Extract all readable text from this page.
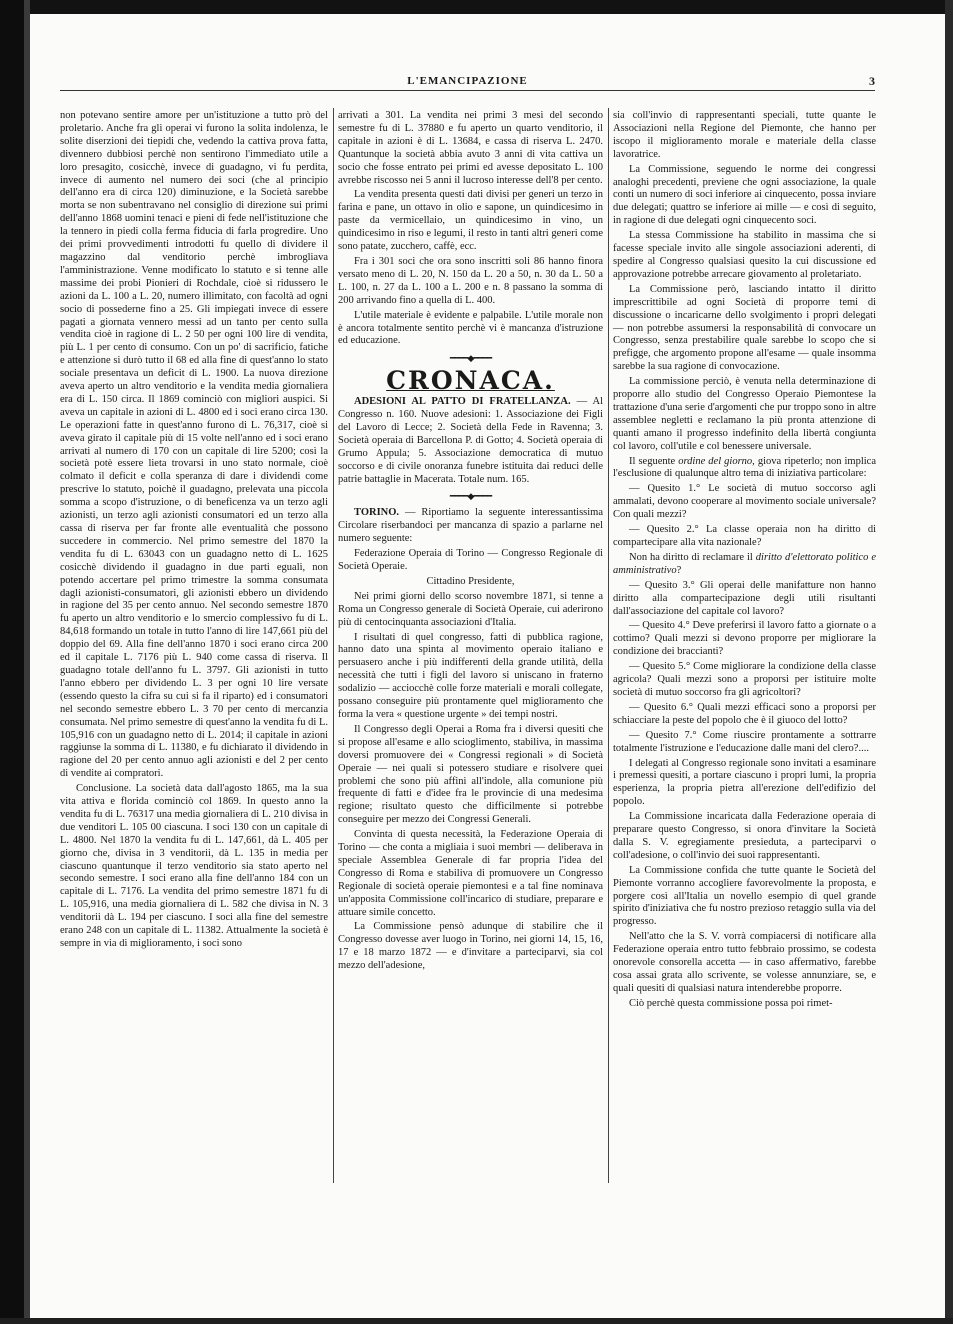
L'EMANCIPAZIONE	3

non potevano sentire amore per un'istituzione a tutto prò del proletario. Anche fra gli operai vi furono la solita indolenza, le solite diserzioni dei tiepidi che, vedendo la cattiva prova fatta, divennero dubbiosi perchè non sentirono l'immediato utile a loro presagito, cosicchè, invece di guadagno, vi fu perdita, invece di aumento nel numero dei soci (che al principio dell'anno era di circa 120) diminuzione, e la Società sarebbe morta se non subentravano nel consiglio di direzione sui primi dell'anno 1868 uomini tenaci e pieni di fede nell'istituzione che la tennero in piedi colla ferma fiducia di farla progredire. Uno dei primi provvedimenti introdotti fu quello di dividere il magazzino dal venditorio perchè imbrogliava l'amministrazione. Venne modificato lo statuto e si tenne alle massime dei probi Pionieri di Rochdale, cioè si ridussero le azioni da L. 100 a L. 20, numero illimitato, con facoltà ad ogni socio di possederne fino a 25. Gli impiegati invece di essere pagati a giornata vennero messi ad un tanto per cento sulla vendita cioè in ragione di L. 2 50 per ogni 100 lire di vendita, più L. 1 per cento di consumo. Con un po' di sacrificio, fatiche e attenzione si durò tutto il 68 ed alla fine di quest'anno lo stato sociale presentava un deficit di L. 1900. La nuova direzione aveva aperto un altro venditorio e la vendita media giornaliera era di L. 150 circa. Il 1869 cominciò con migliori auspici. Si aveva un capitale in azioni di L. 4800 ed i soci erano circa 130. Le operazioni fatte in quest'anno furono di L. 76,317, cioè si aveva girato il capitale più di 15 volte nell'anno ed i soci erano arrivati al numero di 170 con un capitale di lire 5200; così la società potè essere lieta trovarsi in uno stato normale, cioè colmato il deficit e colla speranza di dare i dividendi come prescrive lo statuto, poichè il guadagno, prelevata una piccola somma a scopo d'istruzione, o di beneficenza va un terzo agli azionisti, un terzo agli azionisti consumatori ed un terzo alla cassa di riserva per far fronte alle eventualità che possono succedere in commercio. Nel primo semestre del 1870 la vendita fu di L. 63043 con un guadagno netto di L. 1625 cosicchè dividendo il guadagno in due parti eguali, non potendo accertare pel primo trimestre la somma consumata dagli azionisti-consumatori, gli azionisti ebbero un dividendo in ragione del 35 per cento annuo. Nel secondo semestre 1870 fu aperto un altro venditorio e lo smercio complessivo fu di L. 84,618 formando un totale in tutto l'anno di lire 147,661 più del doppio del 69. Alla fine dell'anno 1870 i soci erano circa 200 ed il capitale L. 7176 più L. 940 come cassa di riserva. Il guadagno totale dell'anno fu L. 3797. Gli azionisti in tutto l'anno ebbero per dividendo L. 3 per ogni 10 lire versate (essendo questo la cifra su cui si fa il riparto) ed i consumatori nel secondo semestre ebbero L. 3 70 per cento di mercanzia consumata. Nel primo semestre di quest'anno la vendita fu di L. 105,916 con un guadagno netto di L. 2014; il capitale in azioni raggiunse la somma di L. 11380, e fu dichiarato il dividendo in ragione del 20 per cento annuo agli azionisti e del 2 per cento di vendite ai compratori.

Conclusione. La società data dall'agosto 1865, ma la sua vita attiva e florida cominciò col 1869. In questo anno la vendita fu di L. 76317 una media giornaliera di L. 210 divisa in due venditori L. 105 00 ciascuna. I soci 130 con un capitale di L. 4800. Nel 1870 la vendita fu di L. 147,661, dà L. 405 per giorno che, divisa in 3 venditorii, dà L. 135 in media per ciascuno quantunque il terzo venditorio sia stato aperto nel secondo semestre. I soci erano alla fine dell'anno 184 con un capitale di L. 7176. La vendita del primo semestre 1871 fu di L. 105,916, una media giornaliera di L. 582 che divisa in N. 3 venditorii dà L. 194 per ciascuno. I soci alla fine del semestre erano 248 con un capitale di L. 11382. Attualmente la società è sempre in via di miglioramento, i soci sono

arrivati a 301. La vendita nei primi 3 mesi del secondo semestre fu di L. 37880 e fu aperto un quarto venditorio, il capitale in azioni è di L. 13684, e cassa di riserva L. 2470. Quantunque la società abbia avuto 3 anni di vita cattiva un socio che fosse entrato pei primi ed avesse depositato L. 100 avrebbe riscosso nei 5 anni il lucroso interesse dell'8 per cento.

La vendita presenta questi dati divisi per generi un terzo in farina e pane, un ottavo in olio e sapone, un quindicesimo in paste da vermicellaio, un quindicesimo in vino, un quindicesimo in riso e legumi, il resto in tanti altri generi come sono patate, zucchero, caffè, ecc.

Fra i 301 soci che ora sono inscritti soli 86 hanno finora versato meno di L. 20, N. 150 da L. 20 a 50, n. 30 da L. 50 a L. 100, n. 27 da L. 100 a L. 200 e n. 8 passano la somma di 200 arrivando fino a quella di L. 400.

L'utile materiale è evidente e palpabile. L'utile morale non è ancora totalmente sentito perchè vi è mancanza d'istruzione ed educazione.

━━━━◆━━━━
CRONACA.

ADESIONI AL PATTO DI FRATELLANZA. — Al Congresso n. 160. Nuove adesioni: 1. Associazione dei Figli del Lavoro di Lecce; 2. Società della Fede in Ravenna; 3. Società operaia di Barcellona P. di Gotto; 4. Società operaia di Grumo Appula; 5. Associazione democratica di mutuo soccorso e di civile onoranza funebre istituita dai reduci delle patrie battaglie in Macerata. Totale num. 165.

━━━━◆━━━━

TORINO. — Riportiamo la seguente interessantissima Circolare riserbandoci per mancanza di spazio a parlarne nel numero seguente:

Federazione Operaia di Torino — Congresso Regionale di Società Operaie.

Cittadino Presidente,

Nei primi giorni dello scorso novembre 1871, si tenne a Roma un Congresso generale di Società Operaie, cui aderirono più di centocinquanta associazioni d'Italia.

I risultati di quel congresso, fatti di pubblica ragione, hanno dato una spinta al movimento operaio italiano e persuasero anche i più indifferenti della grande utilità, della necessità che tutti i figli del lavoro si uniscano in fraterno sodalizio — acciocchè colle forze materiali e morali collegate, possano conseguire più prontamente quel miglioramento che forma la vera « questione urgente » dei tempi nostri.

Il Congresso degli Operai a Roma fra i diversi quesiti che si propose all'esame e allo scioglimento, stabiliva, in massima doversi promuovere dei « Congressi regionali » di Società Operaie — nei quali si potessero studiare e risolvere quei problemi che sono più affini all'indole, alla comunione più frequente di fatti e d'idee fra le provincie di una medesima regione; risultato questo che difficilmente si potrebbe conseguire per mezzo dei Congressi Generali.

Convinta di questa necessità, la Federazione Operaia di Torino — che conta a migliaia i suoi membri — deliberava in speciale Assemblea Generale di far propria l'idea del Congresso di Roma e stabiliva di promuovere un Congresso Regionale di società operaie piemontesi e a tal fine nominava un'apposita Commissione coll'incarico di studiare, preparare e attuare simile concetto.

La Commissione pensò adunque di stabilire che il Congresso dovesse aver luogo in Torino, nei giorni 14, 15, 16, 17 e 18 marzo 1872 — e d'invitare a parteciparvi, sia col mezzo dell'adesione,

sia coll'invio di rappresentanti speciali, tutte quante le Associazioni nella Regione del Piemonte, che hanno per iscopo il miglioramento morale e materiale della classe lavoratrice.

La Commissione, seguendo le norme dei congressi analoghi precedenti, previene che ogni associazione, la quale conti un numero di soci inferiore ai cinquecento, possa inviare due delegati; quattro se inferiore ai mille — e così di seguito, in ragione di due delegati ogni cinquecento soci.

La stessa Commissione ha stabilito in massima che si facesse speciale invito alle singole associazioni aderenti, di spedire al Congresso qualsiasi quesito la cui discussione ed approvazione potrebbe arrecare giovamento al proletariato.

La Commissione però, lasciando intatto il diritto imprescrittibile ad ogni Società di proporre temi di discussione o incaricarne dello svolgimento i propri delegati — non potrebbe assumersi la responsabilità di convocare un Congresso, senza prestabilire quale sarebbe lo scopo che si prefigge, che argomento propone all'esame — quale insomma sarebbe la sua ragione di convocazione.

La commissione perciò, è venuta nella determinazione di proporre allo studio del Congresso Operaio Piemontese la trattazione d'una serie d'argomenti che pur troppo sono in altre assemblee negletti e reclamano la più pronta attenzione di quanti amano il progresso indefinito della libertà congiunta col lavoro, coll'utile e col benessere universale.

Il seguente ordine del giorno, giova ripeterlo; non implica l'esclusione di qualunque altro tema di iniziativa particolare:

— Quesito 1.° Le società di mutuo soccorso agli ammalati, devono cooperare al movimento sociale universale? Con quali mezzi?

— Quesito 2.° La classe operaia non ha diritto di compartecipare alla vita nazionale?

Non ha diritto di reclamare il diritto d'elettorato politico e amministrativo?

— Quesito 3.° Gli operai delle manifatture non hanno diritto alla compartecipazione degli utili risultanti dall'associazione del capitale col lavoro?

— Quesito 4.° Deve preferirsi il lavoro fatto a giornate o a cottimo? Quali mezzi si devono proporre per migliorare la condizione dei braccianti?

— Quesito 5.° Come migliorare la condizione della classe agricola? Quali mezzi sono a proporsi per istituire molte società di mutuo soccorso fra gli agricoltori?

— Quesito 6.° Quali mezzi efficaci sono a proporsi per schiacciare la peste del popolo che è il giuoco del lotto?

— Quesito 7.° Come riuscire prontamente a sottrarre totalmente l'istruzione e l'educazione dalle mani del clero?....

I delegati al Congresso regionale sono invitati a esaminare i premessi quesiti, a portare ciascuno i propri lumi, la propria esperienza, la propria pietra all'erezione dell'edifizio del popolo.

La Commissione incaricata dalla Federazione operaia di preparare questo Congresso, si onora d'invitare la Società dalla S. V. egregiamente presieduta, a parteciparvi o coll'adesione, o coll'invio dei suoi rappresentanti.

La Commissione confida che tutte quante le Società del Piemonte vorranno accogliere favorevolmente la proposta, e porgere così all'Italia un novello esempio di quel grande spirito d'iniziativa che fu nostro prezioso retaggio sulla via del progresso.

Nell'atto che la S. V. vorrà compiacersi di notificare alla Federazione operaia entro tutto febbraio prossimo, se codesta onorevole consorella accetta — in caso affermativo, farebbe cosa assai grata allo scrivente, se volesse annunziare, se, e quali quesiti di qualsiasi natura intenderebbe proporre.

Ciò perchè questa commissione possa poi rimet-
